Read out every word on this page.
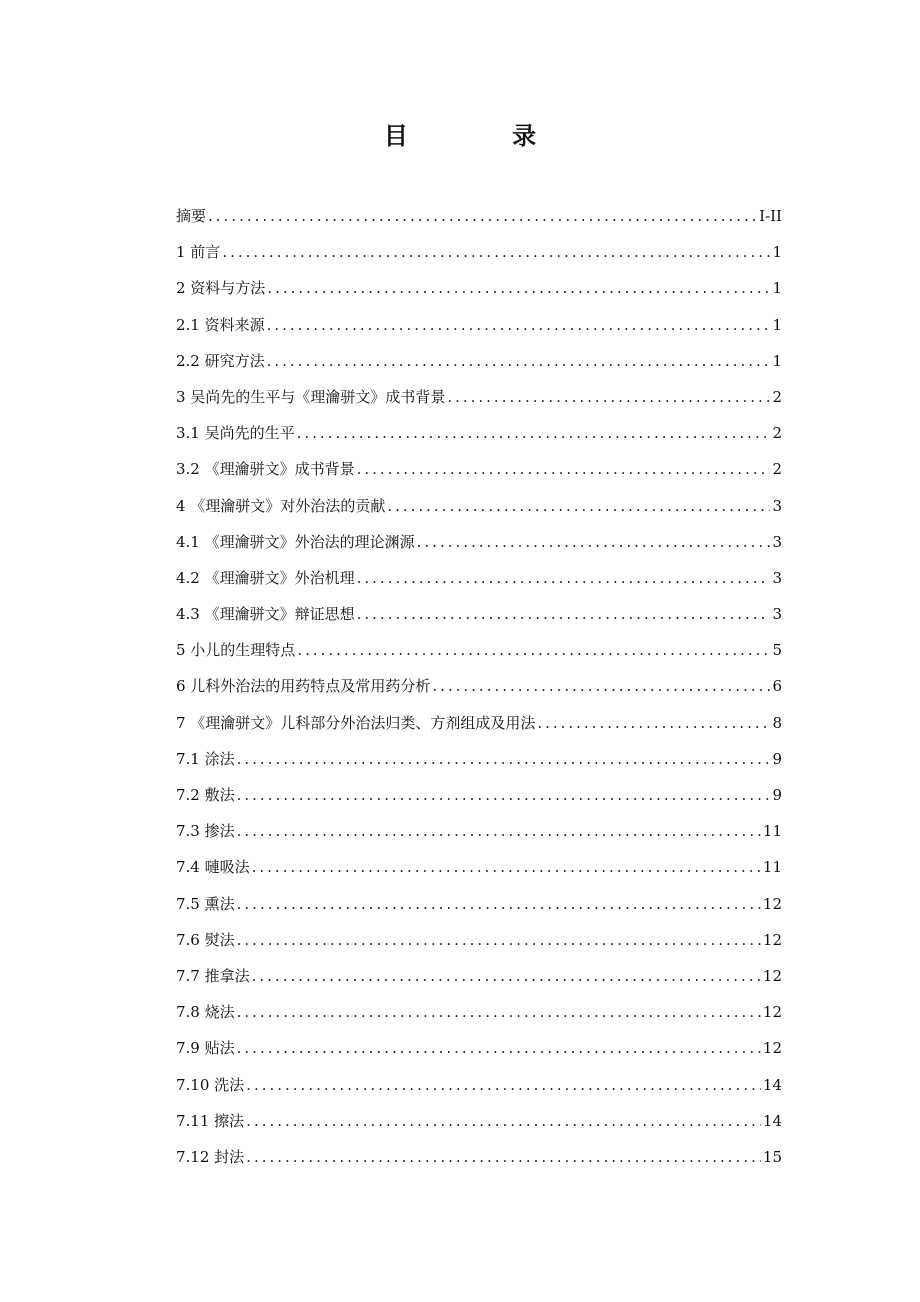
目 录
摘要 .....	I-II
1 前言 .....	1
2 资料与方法 .....	1
2.1 资料来源 .....	1
2.2 研究方法 .....	1
3 吴尚先的生平与《理瀹骈文》成书背景 .....	2
3.1 吴尚先的生平 .....	2
3.2 《理瀹骈文》成书背景 .....	2
4 《理瀹骈文》对外治法的贡献 .....	3
4.1 《理瀹骈文》外治法的理论渊源 .....	3
4.2 《理瀹骈文》外治机理 .....	3
4.3 《理瀹骈文》辩证思想 .....	3
5 小儿的生理特点 .....	5
6 儿科外治法的用药特点及常用药分析 .....	6
7 《理瀹骈文》儿科部分外治法归类、方剂组成及用法 .....	8
7.1 涂法 .....	9
7.2 敷法 .....	9
7.3 掺法 .....	11
7.4 嗹吸法 .....	11
7.5 熏法 .....	12
7.6 熨法 .....	12
7.7 推拿法 .....	12
7.8 烧法 .....	12
7.9 贴法 .....	12
7.10 洗法 .....	14
7.11 擦法 .....	14
7.12 封法 .....	15
